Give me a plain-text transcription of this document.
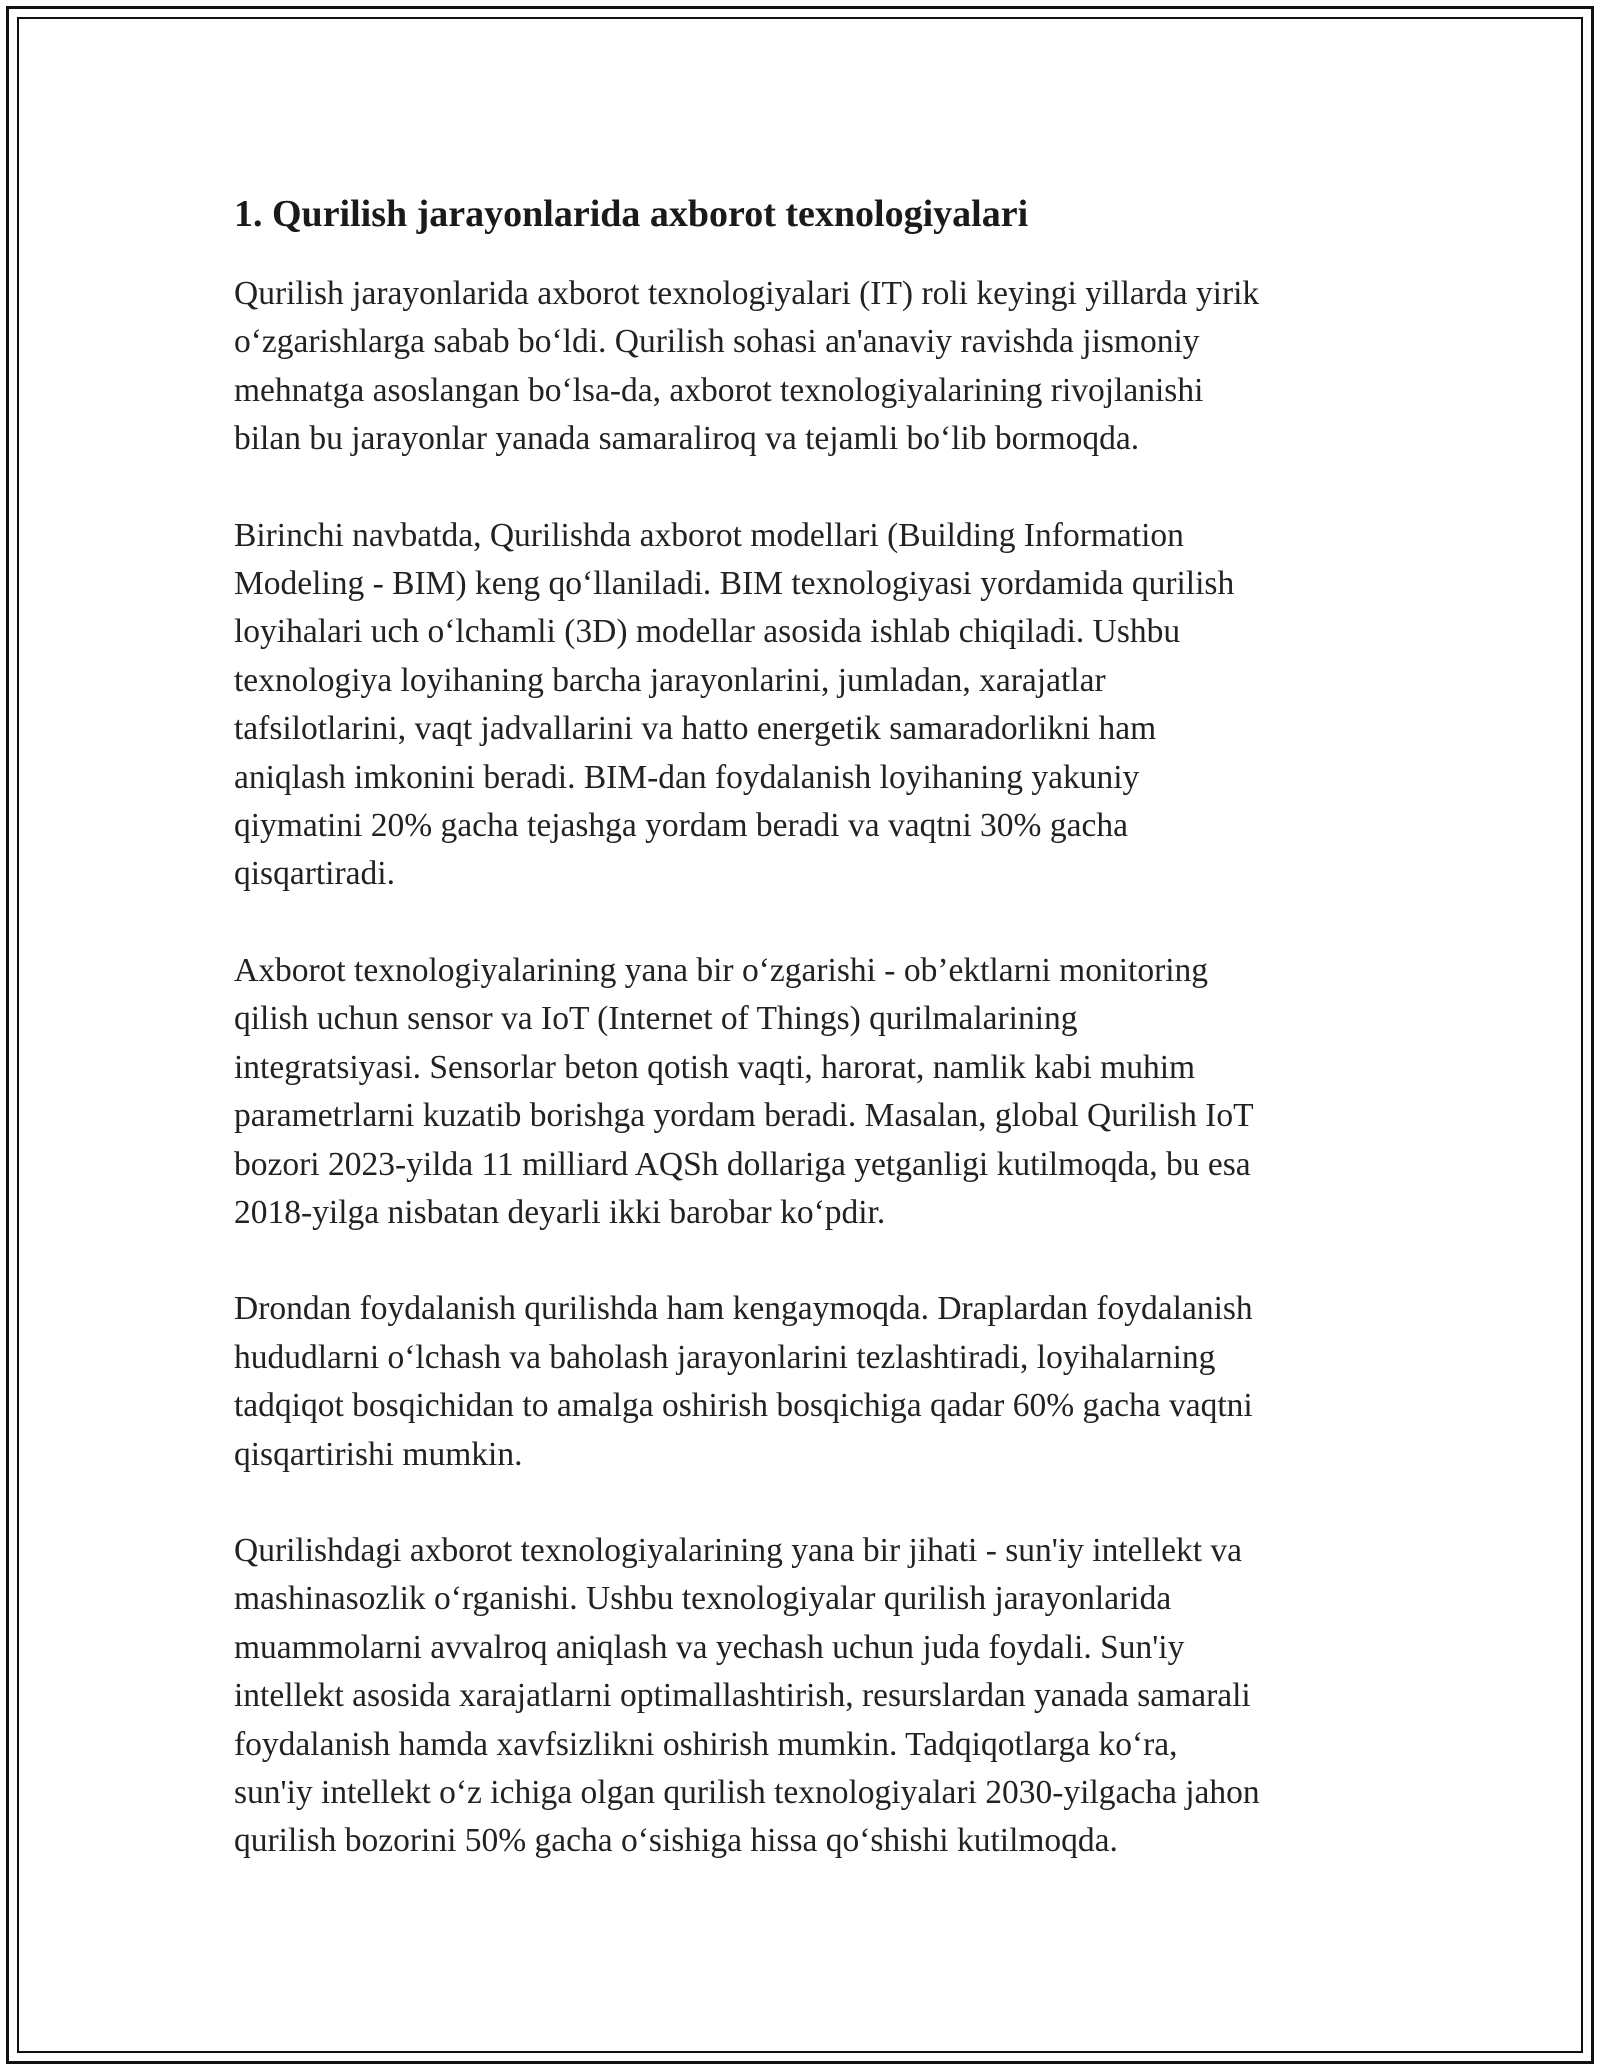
1. Qurilish jarayonlarida axborot texnologiyalari

Qurilish jarayonlarida axborot texnologiyalari (IT) roli keyingi yillarda yirik
o‘zgarishlarga sabab bo‘ldi. Qurilish sohasi an'anaviy ravishda jismoniy
mehnatga asoslangan bo‘lsa-da, axborot texnologiyalarining rivojlanishi
bilan bu jarayonlar yanada samaraliroq va tejamli bo‘lib bormoqda.

Birinchi navbatda, Qurilishda axborot modellari (Building Information
Modeling - BIM) keng qo‘llaniladi. BIM texnologiyasi yordamida qurilish
loyihalari uch o‘lchamli (3D) modellar asosida ishlab chiqiladi. Ushbu
texnologiya loyihaning barcha jarayonlarini, jumladan, xarajatlar
tafsilotlarini, vaqt jadvallarini va hatto energetik samaradorlikni ham
aniqlash imkonini beradi. BIM-dan foydalanish loyihaning yakuniy
qiymatini 20% gacha tejashga yordam beradi va vaqtni 30% gacha
qisqartiradi.

Axborot texnologiyalarining yana bir o‘zgarishi - ob’ektlarni monitoring
qilish uchun sensor va IoT (Internet of Things) qurilmalarining
integratsiyasi. Sensorlar beton qotish vaqti, harorat, namlik kabi muhim
parametrlarni kuzatib borishga yordam beradi. Masalan, global Qurilish IoT
bozori 2023-yilda 11 milliard AQSh dollariga yetganligi kutilmoqda, bu esa
2018-yilga nisbatan deyarli ikki barobar ko‘pdir.

Drondan foydalanish qurilishda ham kengaymoqda. Draplardan foydalanish
hududlarni o‘lchash va baholash jarayonlarini tezlashtiradi, loyihalarning
tadqiqot bosqichidan to amalga oshirish bosqichiga qadar 60% gacha vaqtni
qisqartirishi mumkin.

Qurilishdagi axborot texnologiyalarining yana bir jihati - sun'iy intellekt va
mashinasozlik o‘rganishi. Ushbu texnologiyalar qurilish jarayonlarida
muammolarni avvalroq aniqlash va yechash uchun juda foydali. Sun'iy
intellekt asosida xarajatlarni optimallashtirish, resurslardan yanada samarali
foydalanish hamda xavfsizlikni oshirish mumkin. Tadqiqotlarga ko‘ra,
sun'iy intellekt o‘z ichiga olgan qurilish texnologiyalari 2030-yilgacha jahon
qurilish bozorini 50% gacha o‘sishiga hissa qo‘shishi kutilmoqda.
